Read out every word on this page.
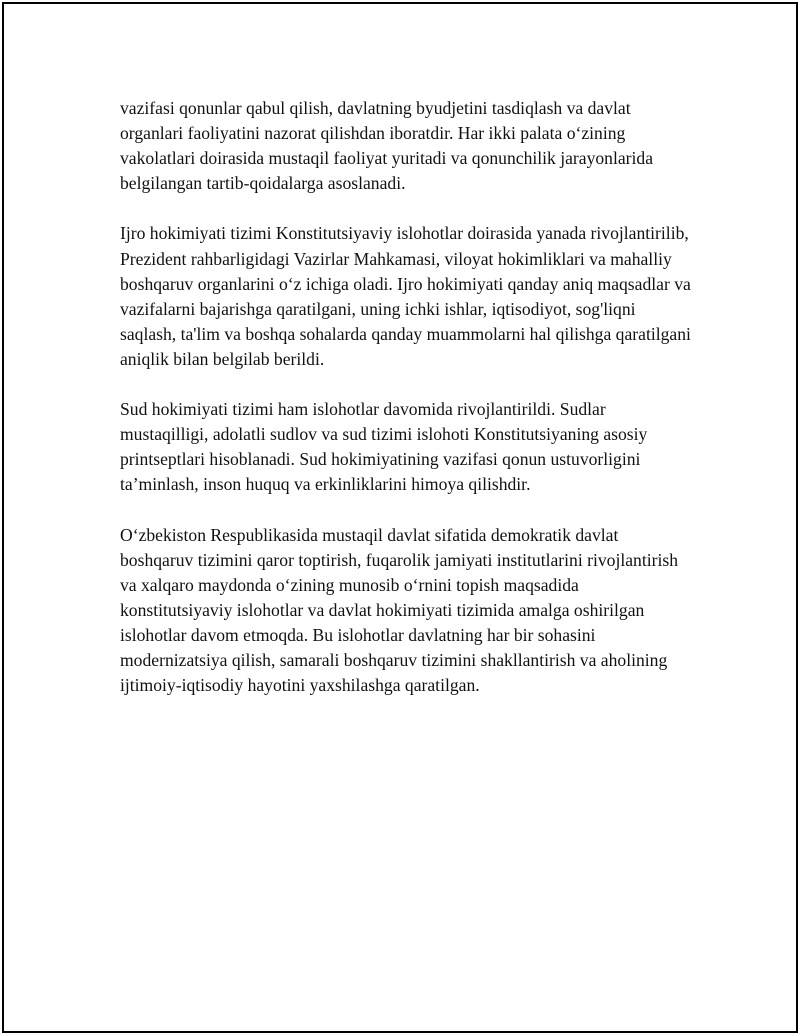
vazifasi qonunlar qabul qilish, davlatning byudjetini tasdiqlash va davlat organlari faoliyatini nazorat qilishdan iboratdir. Har ikki palata o‘zining vakolatlari doirasida mustaqil faoliyat yuritadi va qonunchilik jarayonlarida belgilangan tartib-qoidalarga asoslanadi.

Ijro hokimiyati tizimi Konstitutsiyaviy islohotlar doirasida yanada rivojlantirilib, Prezident rahbarligidagi Vazirlar Mahkamasi, viloyat hokimliklari va mahalliy boshqaruv organlarini o‘z ichiga oladi. Ijro hokimiyati qanday aniq maqsadlar va vazifalarni bajarishga qaratilgani, uning ichki ishlar, iqtisodiyot, sog'liqni saqlash, ta'lim va boshqa sohalarda qanday muammolarni hal qilishga qaratilgani aniqlik bilan belgilab berildi.

Sud hokimiyati tizimi ham islohotlar davomida rivojlantirildi. Sudlar mustaqilligi, adolatli sudlov va sud tizimi islohoti Konstitutsiyaning asosiy printseptlari hisoblanadi. Sud hokimiyatining vazifasi qonun ustuvorligini ta’minlash, inson huquq va erkinliklarini himoya qilishdir.

O‘zbekiston Respublikasida mustaqil davlat sifatida demokratik davlat boshqaruv tizimini qaror toptirish, fuqarolik jamiyati institutlarini rivojlantirish va xalqaro maydonda o‘zining munosib o‘rnini topish maqsadida konstitutsiyaviy islohotlar va davlat hokimiyati tizimida amalga oshirilgan islohotlar davom etmoqda. Bu islohotlar davlatning har bir sohasini modernizatsiya qilish, samarali boshqaruv tizimini shakllantirish va aholining ijtimoiy-iqtisodiy hayotini yaxshilashga qaratilgan.
